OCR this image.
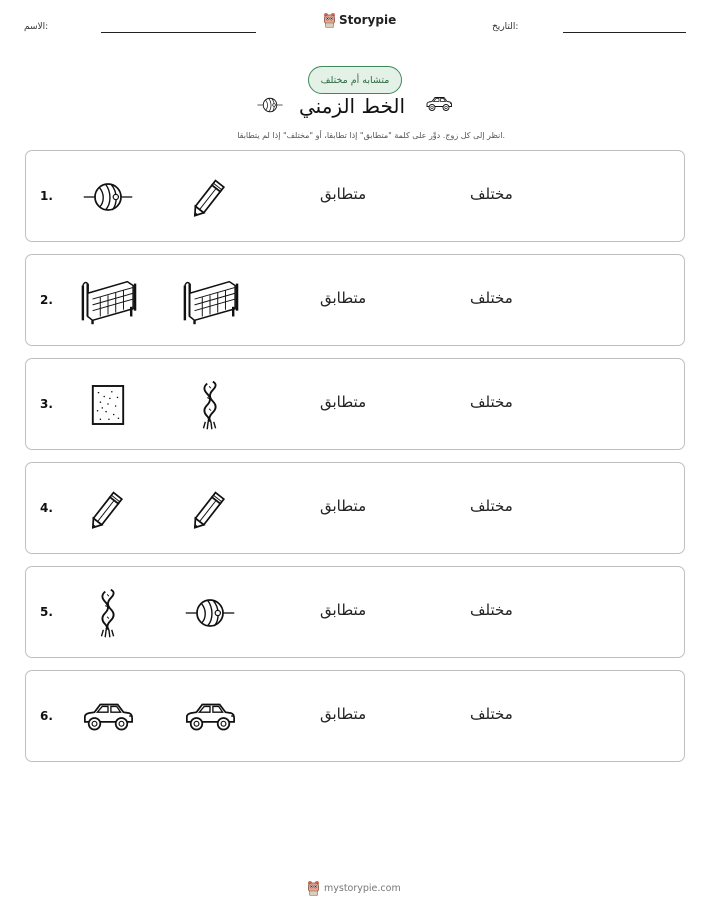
التاريخ:
الاسم:	Storypie
متشابه أم مختلف
الخط الزمني
انظر إلى كل زوج. دوِّر على كلمة "متطابق" إذا تطابقا، أو "مختلف" إذا لم يتطابقا.
1.	متطابق	مختلف
2.	متطابق	مختلف
3.	متطابق	مختلف
4.	متطابق	مختلف
5.	متطابق	مختلف
6.	متطابق	مختلف
mystorypie.com
